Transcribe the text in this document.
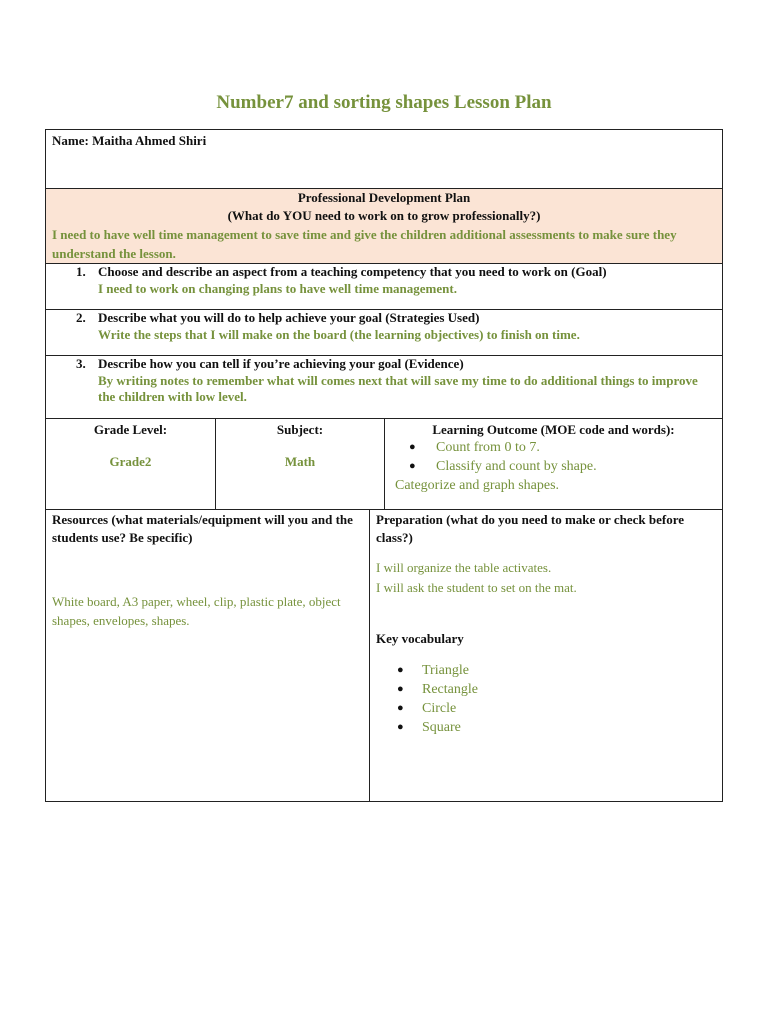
Number7 and sorting shapes Lesson Plan

Name: Maitha Ahmed Shiri

Professional Development Plan

(What do YOU need to work on to grow professionally?)

I need to have well time management to save time and give the children additional assessments to make sure they understand the lesson.

1. Choose and describe an aspect from a teaching competency that you need to work on (Goal)

I need to work on changing plans to have well time management.

2. Describe what you will do to help achieve your goal (Strategies Used)

Write the steps that I will make on the board (the learning objectives) to finish on time.

3. Describe how you can tell if you’re achieving your goal (Evidence)

By writing notes to remember what will comes next that will save my time to do additional things to improve the children with low level.

Grade Level:

Grade2

Subject:

Math

Learning Outcome (MOE code and words):

● Count from 0 to 7.
● Classify and count by shape.

Categorize and graph shapes.

Resources (what materials/equipment will you and the students use? Be specific)

White board, A3 paper, wheel, clip, plastic plate, object shapes, envelopes, shapes.

Preparation (what do you need to make or check before class?)

I will organize the table activates.

I will ask the student to set on the mat.

Key vocabulary

● Triangle
● Rectangle
● Circle
● Square
